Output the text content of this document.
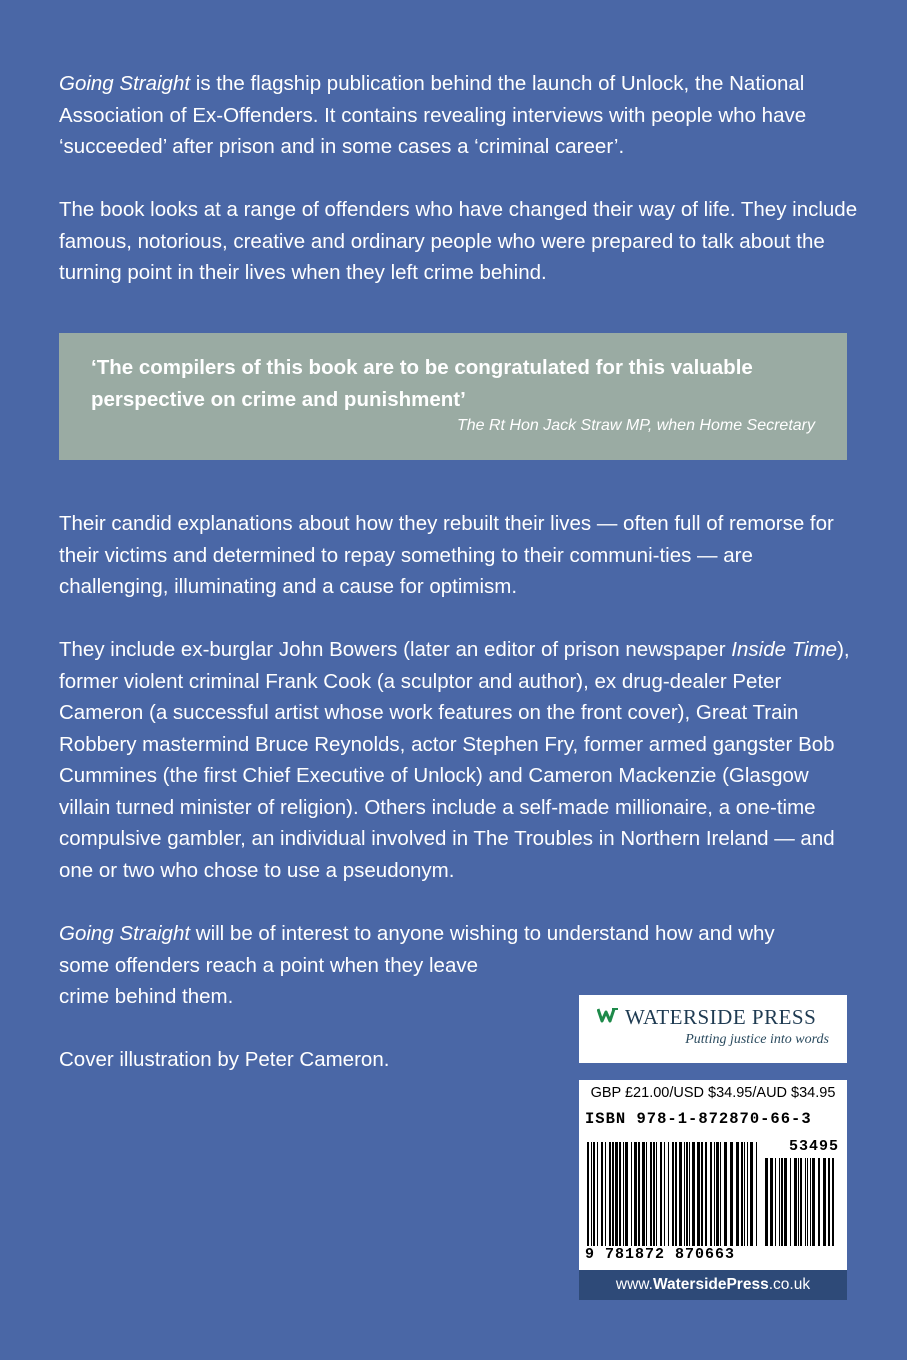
Going Straight is the flagship publication behind the launch of Unlock, the National Association of Ex-Offenders. It contains revealing interviews with people who have ‘succeeded’ after prison and in some cases a ‘criminal career’.

The book looks at a range of offenders who have changed their way of life. They include famous, notorious, creative and ordinary people who were prepared to talk about the turning point in their lives when they left crime behind.

‘The compilers of this book are to be congratulated for this valuable perspective on crime and punishment’

The Rt Hon Jack Straw MP, when Home Secretary

Their candid explanations about how they rebuilt their lives — often full of remorse for their victims and determined to repay something to their communi-ties — are challenging, illuminating and a cause for optimism.

They include ex-burglar John Bowers (later an editor of prison newspaper Inside Time), former violent criminal Frank Cook (a sculptor and author), ex drug-dealer Peter Cameron (a successful artist whose work features on the front cover), Great Train Robbery mastermind Bruce Reynolds, actor Stephen Fry, former armed gangster Bob Cummines (the first Chief Executive of Unlock) and Cameron Mackenzie (Glasgow villain turned minister of religion). Others include a self-made millionaire, a one-time compulsive gambler, an individual involved in The Troubles in Northern Ireland — and one or two who chose to use a pseudonym.

Going Straight will be of interest to anyone wishing to understand how and why
some offenders reach a point when they leave
crime behind them.

Cover illustration by Peter Cameron.

WATERSIDE PRESS
Putting justice into words
GBP £21.00/USD $34.95/AUD $34.95
ISBN 978-1-872870-66-3
53495
9 781872 870663
www.WatersidePress.co.uk
